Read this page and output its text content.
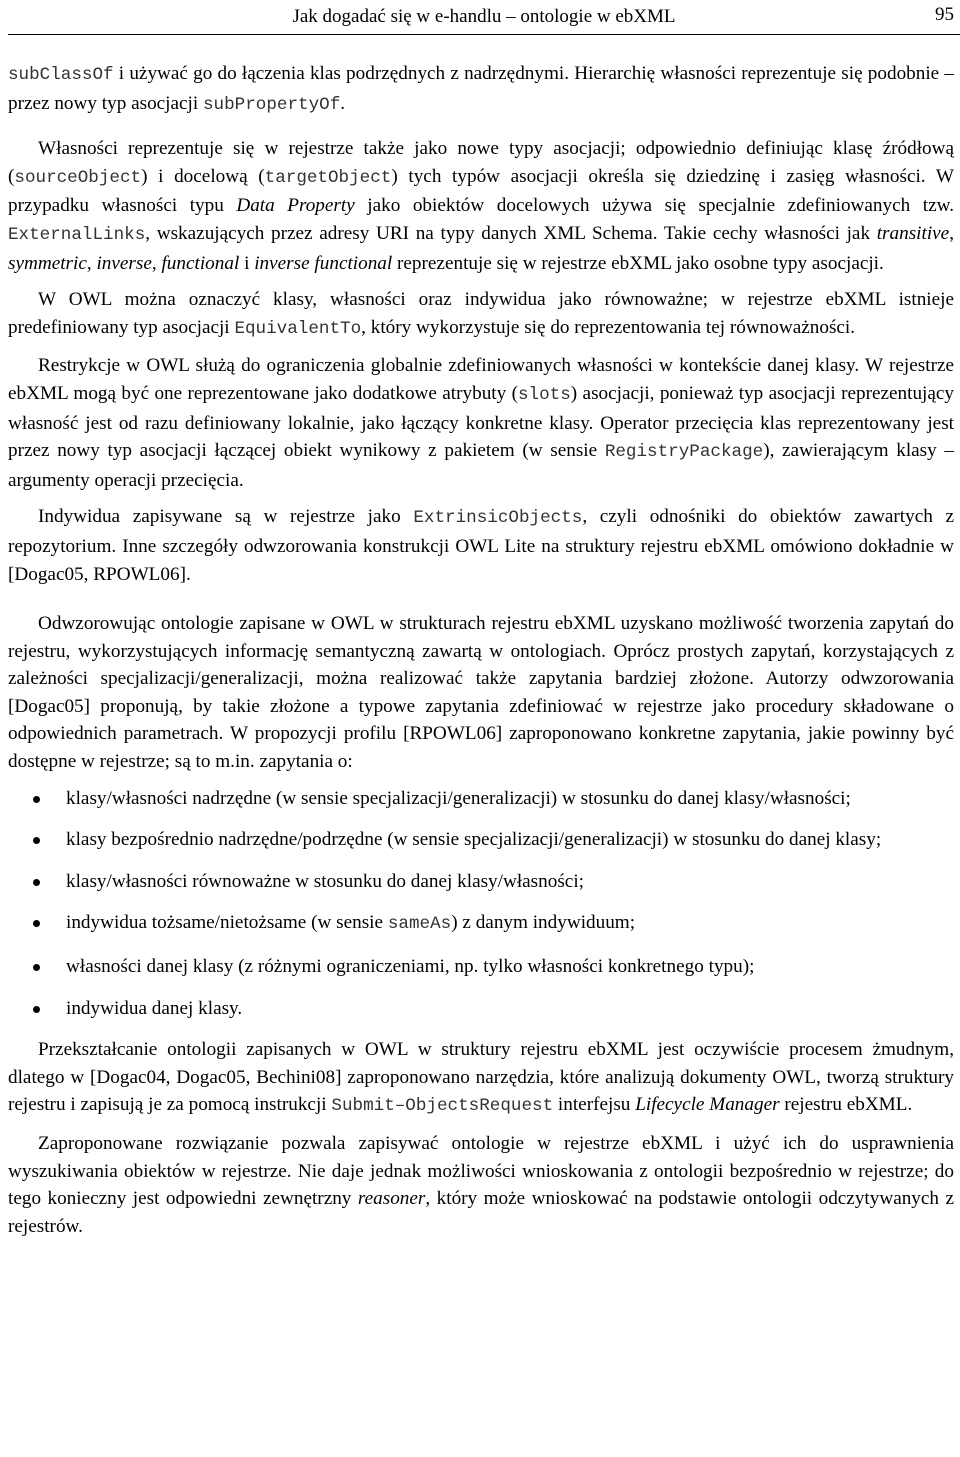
Jak dogadać się w e-handlu – ontologie w ebXML	95

subClassOf i używać go do łączenia klas podrzędnych z nadrzędnymi. Hierarchię własności reprezentuje się podobnie – przez nowy typ asocjacji subPropertyOf.

Własności reprezentuje się w rejestrze także jako nowe typy asocjacji; odpowiednio definiując klasę źródłową (sourceObject) i docelową (targetObject) tych typów asocjacji określa się dziedzinę i zasięg własności. W przypadku własności typu Data Property jako obiektów docelowych używa się specjalnie zdefiniowanych tzw. ExternalLinks, wskazujących przez adresy URI na typy danych XML Schema. Takie cechy własności jak transitive, symmetric, inverse, functional i inverse functional reprezentuje się w rejestrze ebXML jako osobne typy asocjacji.

W OWL można oznaczyć klasy, własności oraz indywidua jako równoważne; w rejestrze ebXML istnieje predefiniowany typ asocjacji EquivalentTo, który wykorzystuje się do reprezentowania tej równoważności.

Restrykcje w OWL służą do ograniczenia globalnie zdefiniowanych własności w kontekście danej klasy. W rejestrze ebXML mogą być one reprezentowane jako dodatkowe atrybuty (slots) asocjacji, ponieważ typ asocjacji reprezentujący własność jest od razu definiowany lokalnie, jako łączący konkretne klasy. Operator przecięcia klas reprezentowany jest przez nowy typ asocjacji łączącej obiekt wynikowy z pakietem (w sensie RegistryPackage), zawierającym klasy – argumenty operacji przecięcia.

Indywidua zapisywane są w rejestrze jako ExtrinsicObjects, czyli odnośniki do obiektów zawartych z repozytorium. Inne szczegóły odwzorowania konstrukcji OWL Lite na struktury rejestru ebXML omówiono dokładnie w [Dogac05, RPOWL06].

Odwzorowując ontologie zapisane w OWL w strukturach rejestru ebXML uzyskano możliwość tworzenia zapytań do rejestru, wykorzystujących informację semantyczną zawartą w ontologiach. Oprócz prostych zapytań, korzystających z zależności specjalizacji/generalizacji, można realizować także zapytania bardziej złożone. Autorzy odwzorowania [Dogac05] proponują, by takie złożone a typowe zapytania zdefiniować w rejestrze jako procedury składowane o odpowiednich parametrach. W propozycji profilu [RPOWL06] zaproponowano konkretne zapytania, jakie powinny być dostępne w rejestrze; są to m.in. zapytania o:

klasy/własności nadrzędne (w sensie specjalizacji/generalizacji) w stosunku do danej klasy/własności;
klasy bezpośrednio nadrzędne/podrzędne (w sensie specjalizacji/generalizacji) w stosunku do danej klasy;
klasy/własności równoważne w stosunku do danej klasy/własności;
indywidua tożsame/nietożsame (w sensie sameAs) z danym indywiduum;
własności danej klasy (z różnymi ograniczeniami, np. tylko własności konkretnego typu);
indywidua danej klasy.

Przekształcanie ontologii zapisanych w OWL w struktury rejestru ebXML jest oczywiście procesem żmudnym, dlatego w [Dogac04, Dogac05, Bechini08] zaproponowano narzędzia, które analizują dokumenty OWL, tworzą struktury rejestru i zapisują je za pomocą instrukcji Submit–ObjectsRequest interfejsu Lifecycle Manager rejestru ebXML.

Zaproponowane rozwiązanie pozwala zapisywać ontologie w rejestrze ebXML i użyć ich do usprawnienia wyszukiwania obiektów w rejestrze. Nie daje jednak możliwości wnioskowania z ontologii bezpośrednio w rejestrze; do tego konieczny jest odpowiedni zewnętrzny reasoner, który może wnioskować na podstawie ontologii odczytywanych z rejestrów.
